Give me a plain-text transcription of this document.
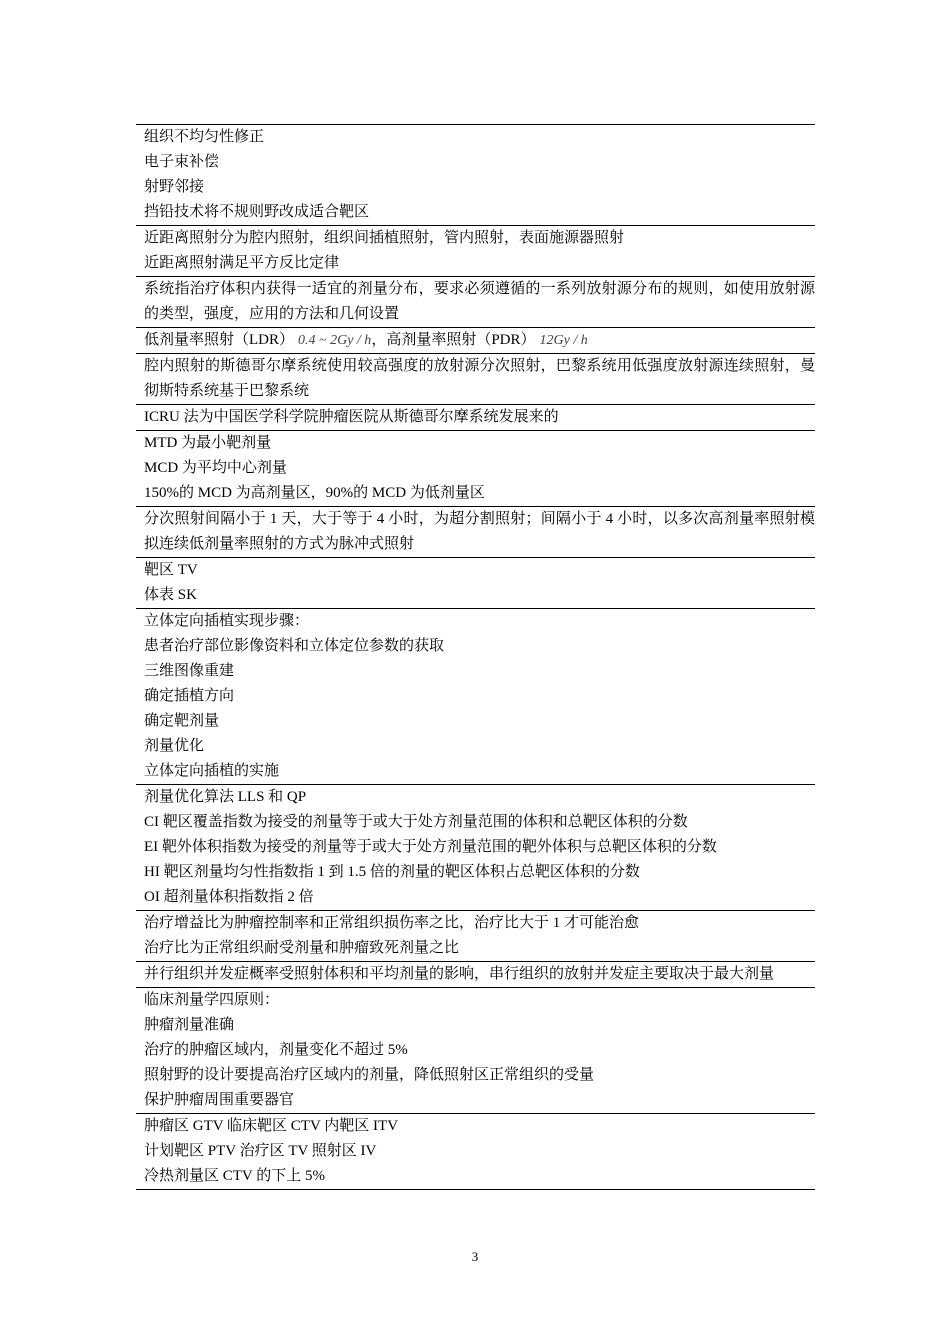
组织不均匀性修正
电子束补偿
射野邻接
挡铅技术将不规则野改成适合靶区
近距离照射分为腔内照射，组织间插植照射，管内照射，表面施源器照射
近距离照射满足平方反比定律
系统指治疗体积内获得一适宜的剂量分布，要求必须遵循的一系列放射源分布的规则，如使用放射源的类型，强度，应用的方法和几何设置
低剂量率照射（LDR） 0.4 ~ 2Gy / h，高剂量率照射（PDR） 12Gy / h
腔内照射的斯德哥尔摩系统使用较高强度的放射源分次照射，巴黎系统用低强度放射源连续照射，曼彻斯特系统基于巴黎系统
ICRU 法为中国医学科学院肿瘤医院从斯德哥尔摩系统发展来的
MTD 为最小靶剂量
MCD 为平均中心剂量
150%的 MCD 为高剂量区，90%的 MCD 为低剂量区
分次照射间隔小于 1 天，大于等于 4 小时，为超分割照射；间隔小于 4 小时，以多次高剂量率照射模拟连续低剂量率照射的方式为脉冲式照射
靶区 TV
体表 SK
立体定向插植实现步骤：
患者治疗部位影像资料和立体定位参数的获取
三维图像重建
确定插植方向
确定靶剂量
剂量优化
立体定向插植的实施
剂量优化算法 LLS 和 QP
CI 靶区覆盖指数为接受的剂量等于或大于处方剂量范围的体积和总靶区体积的分数
EI 靶外体积指数为接受的剂量等于或大于处方剂量范围的靶外体积与总靶区体积的分数
HI 靶区剂量均匀性指数指 1 到 1.5 倍的剂量的靶区体积占总靶区体积的分数
OI 超剂量体积指数指 2 倍
治疗增益比为肿瘤控制率和正常组织损伤率之比，治疗比大于 1 才可能治愈
治疗比为正常组织耐受剂量和肿瘤致死剂量之比
并行组织并发症概率受照射体积和平均剂量的影响，串行组织的放射并发症主要取决于最大剂量
临床剂量学四原则：
肿瘤剂量准确
治疗的肿瘤区域内，剂量变化不超过 5%
照射野的设计要提高治疗区域内的剂量，降低照射区正常组织的受量
保护肿瘤周围重要器官
肿瘤区 GTV 临床靶区 CTV 内靶区 ITV
计划靶区 PTV 治疗区 TV 照射区 IV
冷热剂量区 CTV 的下上 5%
3
